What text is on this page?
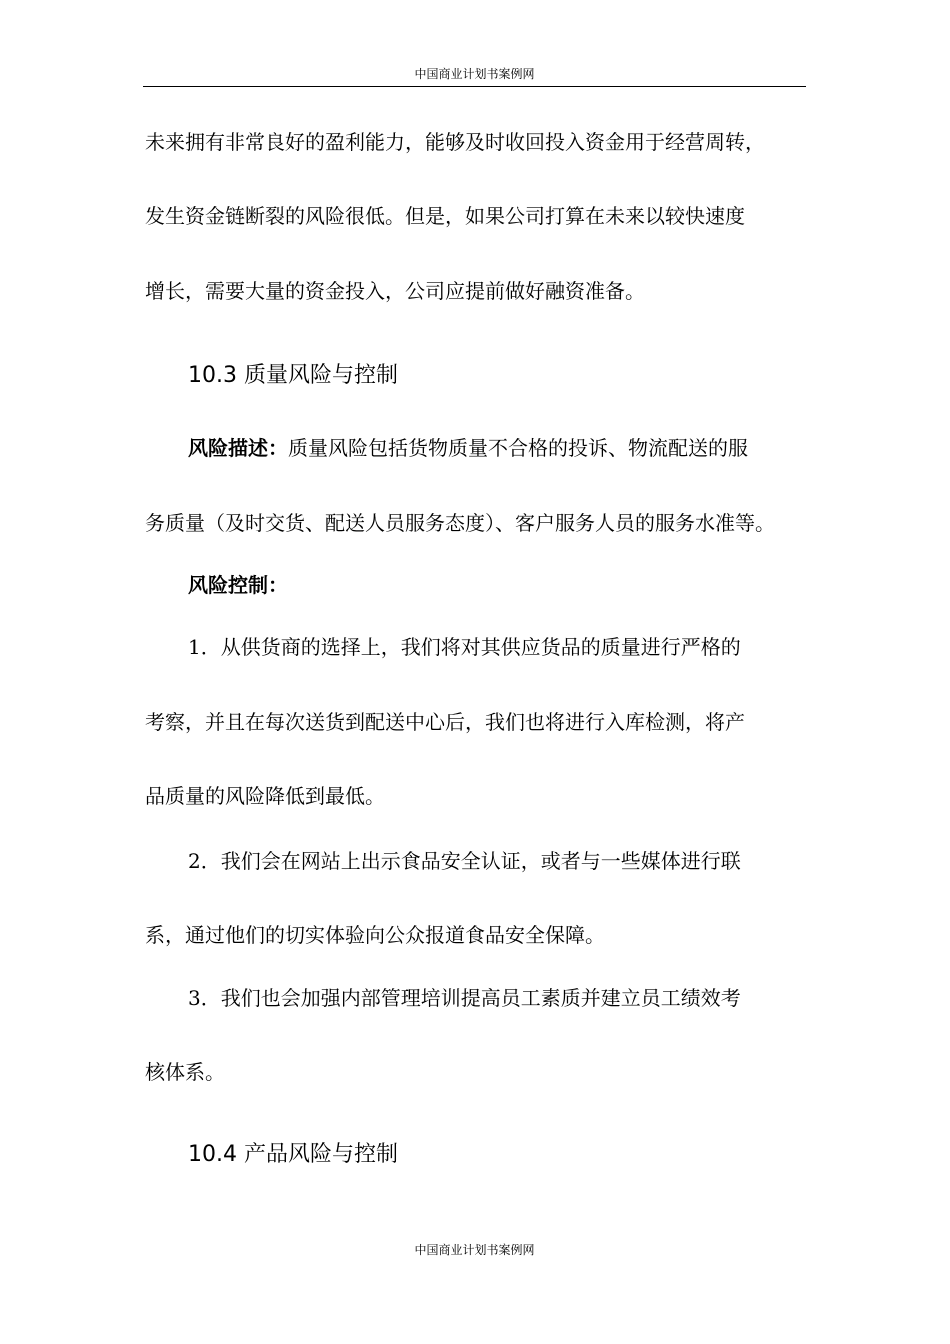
中国商业计划书案例网
未来拥有非常良好的盈利能力，能够及时收回投入资金用于经营周转，
发生资金链断裂的风险很低。但是，如果公司打算在未来以较快速度
增长，需要大量的资金投入，公司应提前做好融资准备。
10.3 质量风险与控制
风险描述：质量风险包括货物质量不合格的投诉、物流配送的服
务质量（及时交货、配送人员服务态度）、客户服务人员的服务水准等。
风险控制：
1．从供货商的选择上，我们将对其供应货品的质量进行严格的
考察，并且在每次送货到配送中心后，我们也将进行入库检测，将产
品质量的风险降低到最低。
2．我们会在网站上出示食品安全认证，或者与一些媒体进行联
系，通过他们的切实体验向公众报道食品安全保障。
3．我们也会加强内部管理培训提高员工素质并建立员工绩效考
核体系。
10.4 产品风险与控制
中国商业计划书案例网
